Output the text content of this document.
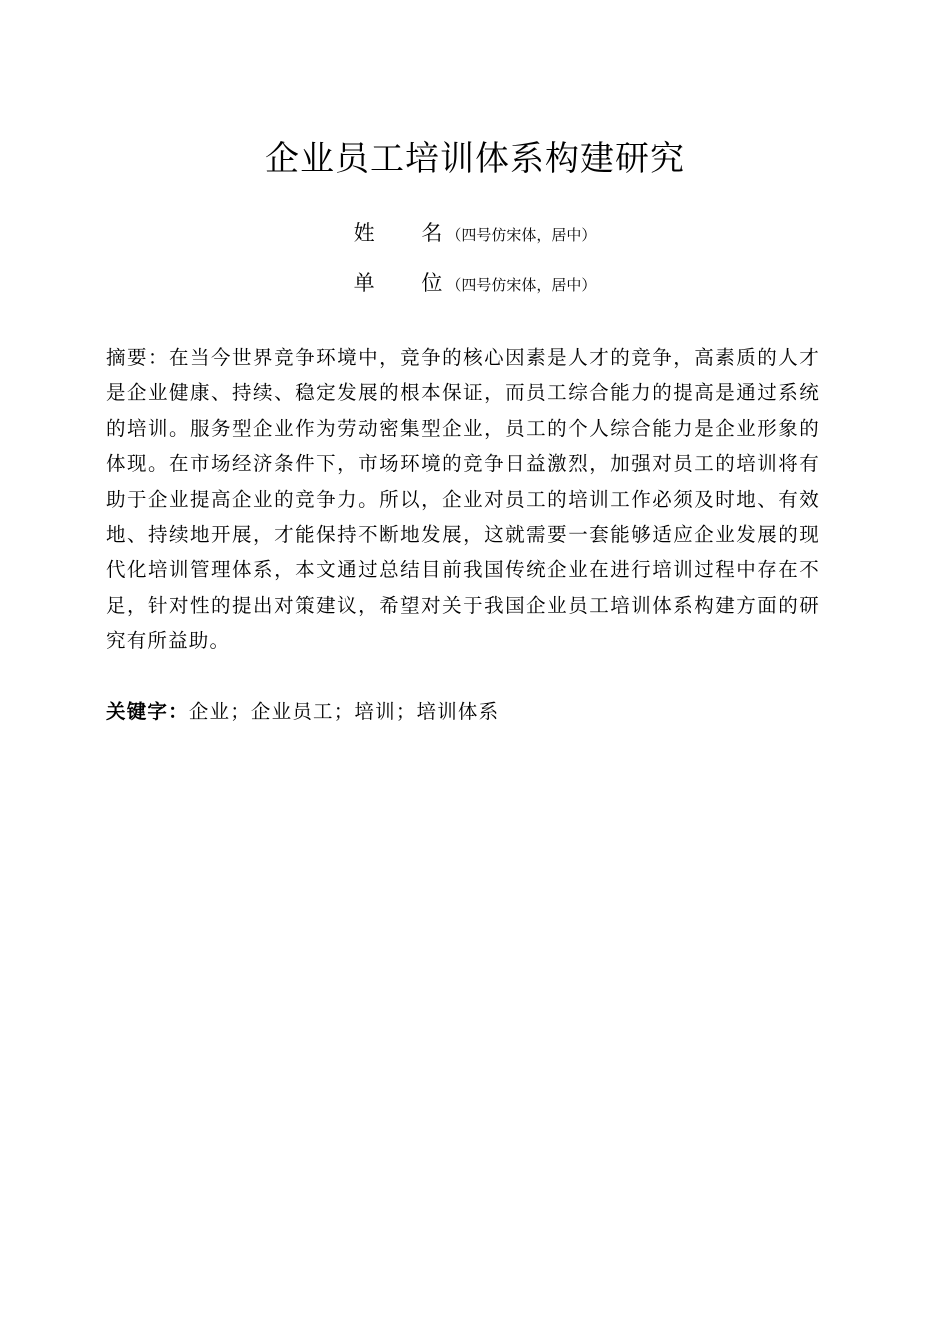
企业员工培训体系构建研究
姓 名（四号仿宋体，居中）
单 位（四号仿宋体，居中）

摘要：在当今世界竞争环境中，竞争的核心因素是人才的竞争，高素质的人才是企业健康、持续、稳定发展的根本保证，而员工综合能力的提高是通过系统的培训。服务型企业作为劳动密集型企业，员工的个人综合能力是企业形象的体现。在市场经济条件下，市场环境的竞争日益激烈，加强对员工的培训将有助于企业提高企业的竞争力。所以，企业对员工的培训工作必须及时地、有效地、持续地开展，才能保持不断地发展，这就需要一套能够适应企业发展的现代化培训管理体系，本文通过总结目前我国传统企业在进行培训过程中存在不足，针对性的提出对策建议，希望对关于我国企业员工培训体系构建方面的研究有所益助。

关键字：企业；企业员工；培训；培训体系
